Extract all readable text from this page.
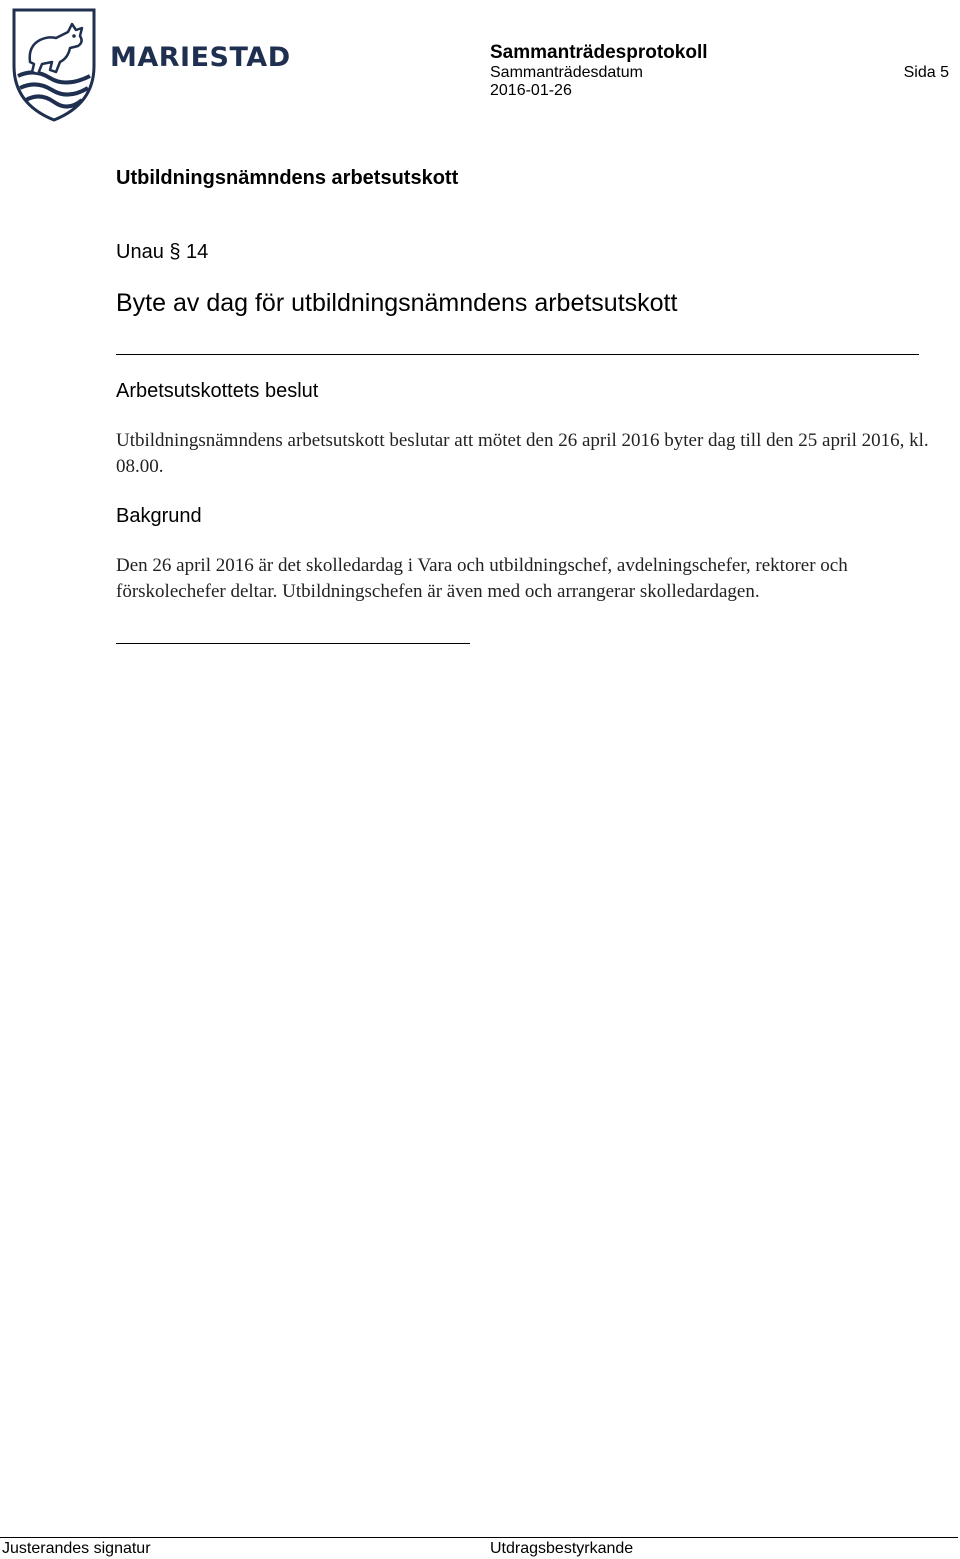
MARIESTAD	Sammanträdesprotokoll
Sammanträdesdatum
2016-01-26
Sida 5
Utbildningsnämndens arbetsutskott
Unau § 14
Byte av dag för utbildningsnämndens arbetsutskott
Arbetsutskottets beslut
Utbildningsnämndens arbetsutskott beslutar att mötet den 26 april 2016 byter dag till den 25 april 2016, kl. 08.00.
Bakgrund
Den 26 april 2016 är det skolledardag i Vara och utbildningschef, avdelningschefer, rektorer och förskolechefer deltar. Utbildningschefen är även med och arrangerar skolledardagen.
Justerandes signatur	Utdragsbestyrkande
